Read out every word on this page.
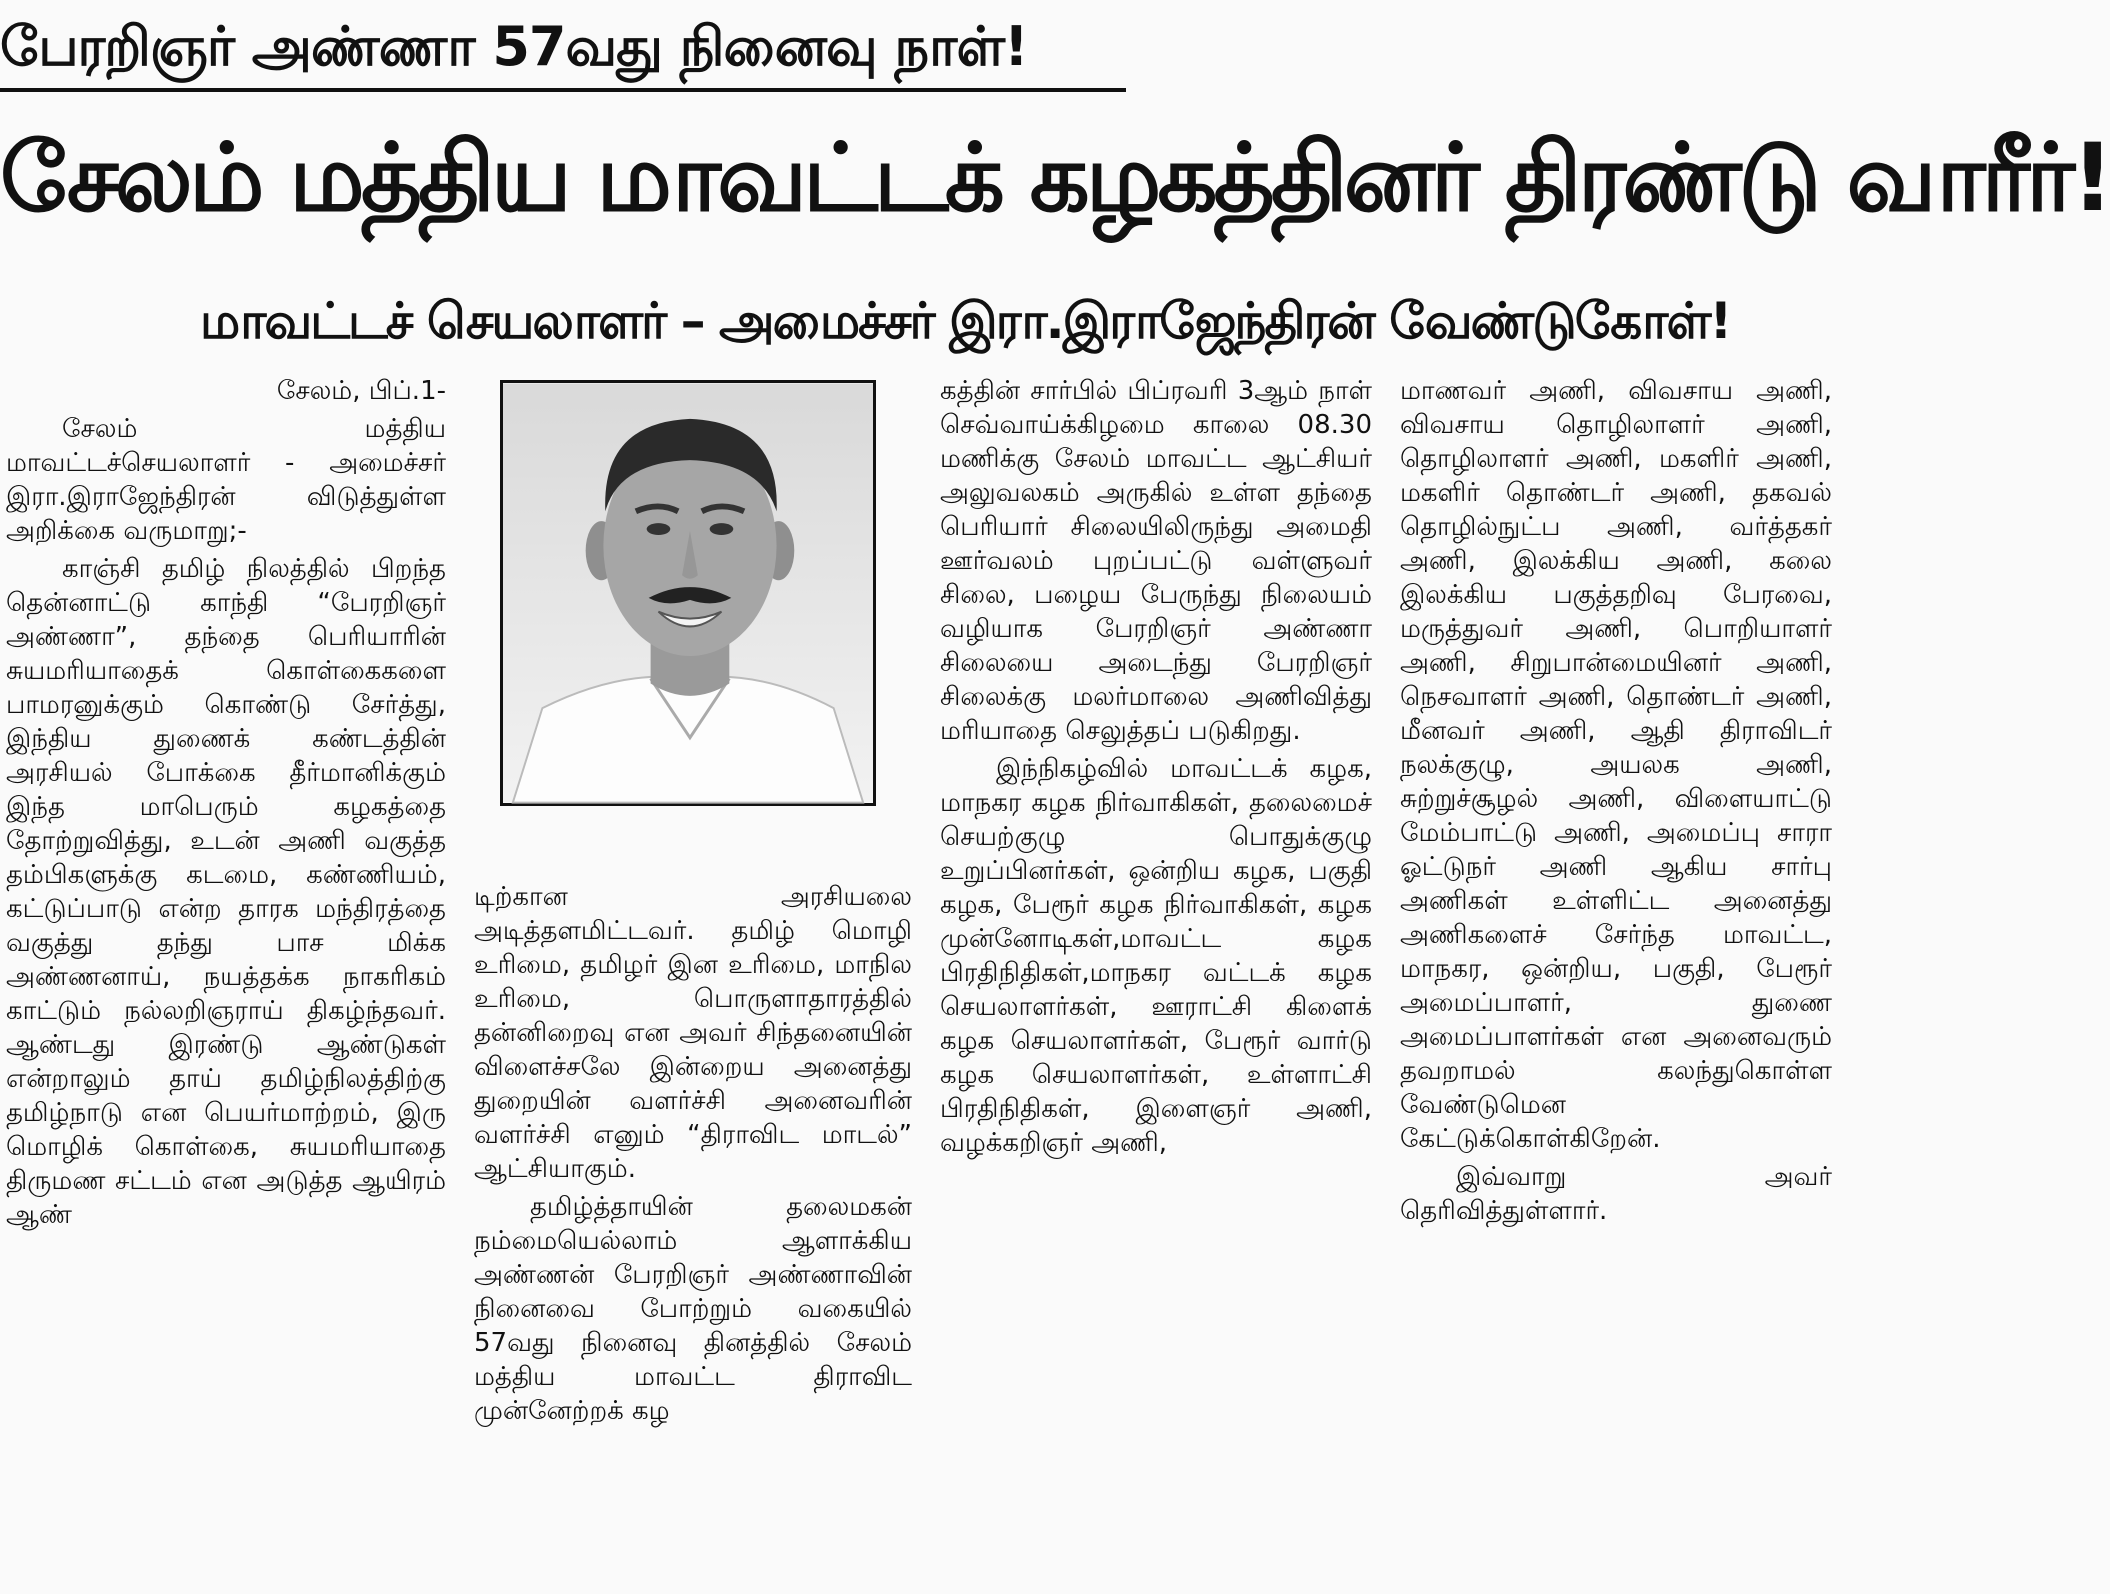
பேரறிஞர் அண்ணா 57வது நினைவு நாள்!
சேலம் மத்திய மாவட்டக் கழகத்தினர் திரண்டு வாரீர்!
மாவட்டச் செயலாளர் – அமைச்சர் இரா.இராஜேந்திரன் வேண்டுகோள்!

சேலம், பிப்.1-

சேலம் மத்திய மாவட்டச்செயலாளர் - அமைச்சர் இரா.இராஜேந்திரன் விடுத்துள்ள அறிக்கை வருமாறு;-

காஞ்சி தமிழ் நிலத்தில் பிறந்த தென்னாட்டு காந்தி “பேரறிஞர் அண்ணா”, தந்தை பெரியாரின் சுயமரியாதைக் கொள்கைகளை பாமரனுக்கும் கொண்டு சேர்த்து, இந்திய துணைக் கண்டத்தின் அரசியல் போக்கை தீர்மானிக்கும் இந்த மாபெரும் கழகத்தை தோற்றுவித்து, உடன் அணி வகுத்த தம்பிகளுக்கு கடமை, கண்ணியம், கட்டுப்பாடு என்ற தாரக மந்திரத்தை வகுத்து தந்து பாச மிக்க அண்ணனாய், நயத்தக்க நாகரிகம் காட்டும் நல்லறிஞராய் திகழ்ந்தவர். ஆண்டது இரண்டு ஆண்டுகள் என்றாலும் தாய் தமிழ்நிலத்திற்கு தமிழ்நாடு என பெயர்மாற்றம், இரு மொழிக் கொள்கை, சுயமரியாதை திருமண சட்டம் என அடுத்த ஆயிரம் ஆண்

டிற்கான அரசியலை அடித்தளமிட்டவர். தமிழ் மொழி உரிமை, தமிழர் இன உரிமை, மாநில உரிமை, பொருளாதாரத்தில் தன்னிறைவு என அவர் சிந்தனையின் விளைச்சலே இன்றைய அனைத்து துறையின் வளர்ச்சி அனைவரின் வளர்ச்சி எனும் “திராவிட மாடல்” ஆட்சியாகும்.

தமிழ்த்தாயின் தலைமகன் நம்மையெல்லாம் ஆளாக்கிய அண்ணன் பேரறிஞர் அண்ணாவின் நினைவை போற்றும் வகையில் 57வது நினைவு தினத்தில் சேலம் மத்திய மாவட்ட திராவிட முன்னேற்றக் கழ

கத்தின் சார்பில் பிப்ரவரி 3ஆம் நாள் செவ்வாய்க்கிழமை காலை 08.30 மணிக்கு சேலம் மாவட்ட ஆட்சியர் அலுவலகம் அருகில் உள்ள தந்தை பெரியார் சிலையிலிருந்து அமைதி ஊர்வலம் புறப்பட்டு வள்ளுவர் சிலை, பழைய பேருந்து நிலையம் வழியாக பேரறிஞர் அண்ணா சிலையை அடைந்து பேரறிஞர் சிலைக்கு மலர்மாலை அணிவித்து மரியாதை செலுத்தப் படுகிறது.

இந்நிகழ்வில் மாவட்டக் கழக, மாநகர கழக நிர்வாகிகள், தலைமைச் செயற்குழு பொதுக்குழு உறுப்பினர்கள், ஒன்றிய கழக, பகுதி கழக, பேரூர் கழக நிர்வாகிகள், கழக முன்னோடிகள்,மாவட்ட கழக பிரதிநிதிகள்,மாநகர வட்டக் கழக செயலாளர்கள், ஊராட்சி கிளைக் கழக செயலாளர்கள், பேரூர் வார்டு கழக செயலாளர்கள், உள்ளாட்சி பிரதிநிதிகள், இளைஞர் அணி, வழக்கறிஞர் அணி,

மாணவர் அணி, விவசாய அணி, விவசாய தொழிலாளர் அணி, தொழிலாளர் அணி, மகளிர் அணி, மகளிர் தொண்டர் அணி, தகவல் தொழில்நுட்ப அணி, வர்த்தகர் அணி, இலக்கிய அணி, கலை இலக்கிய பகுத்தறிவு பேரவை, மருத்துவர் அணி, பொறியாளர் அணி, சிறுபான்மையினர் அணி, நெசவாளர் அணி, தொண்டர் அணி, மீனவர் அணி, ஆதி திராவிடர் நலக்குழு, அயலக அணி, சுற்றுச்சூழல் அணி, விளையாட்டு மேம்பாட்டு அணி, அமைப்பு சாரா ஓட்டுநர் அணி ஆகிய சார்பு அணிகள் உள்ளிட்ட அனைத்து அணிகளைச் சேர்ந்த மாவட்ட, மாநகர, ஒன்றிய, பகுதி, பேரூர் அமைப்பாளர், துணை அமைப்பாளர்கள் என அனைவரும் தவறாமல் கலந்துகொள்ள வேண்டுமென கேட்டுக்கொள்கிறேன்.

இவ்வாறு அவர் தெரிவித்துள்ளார்.
